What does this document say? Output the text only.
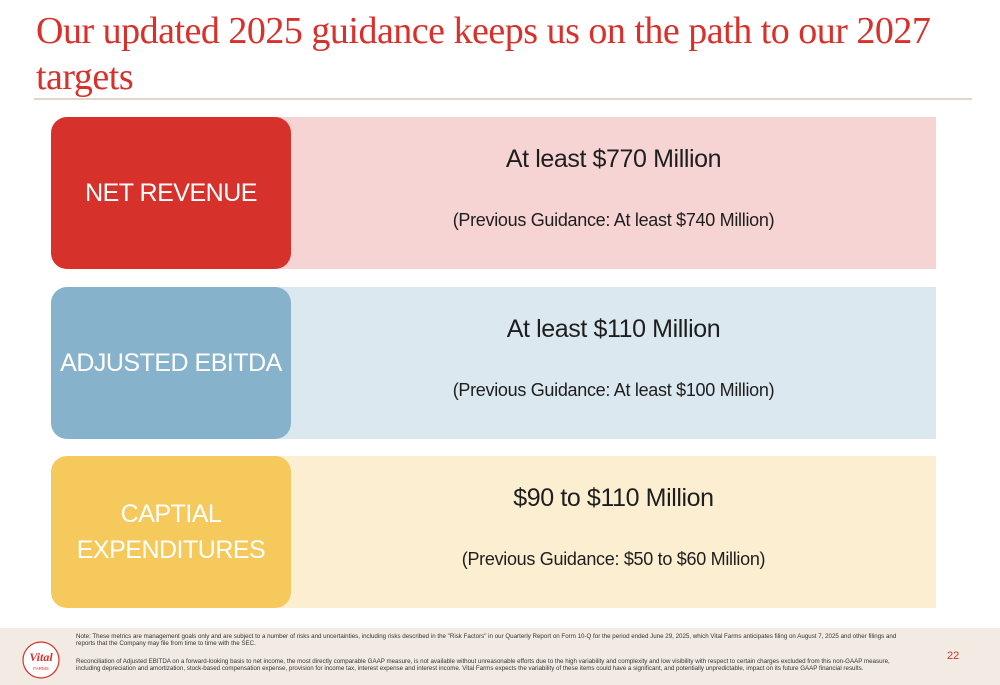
Our updated 2025 guidance keeps us on the path to our 2027 targets
NET REVENUE
At least $770 Million
(Previous Guidance: At least $740 Million)
ADJUSTED EBITDA
At least $110 Million
(Previous Guidance: At least $100 Million)
CAPTIAL
EXPENDITURES
$90 to $110 Million
(Previous Guidance: $50 to $60 Million)
Vital
FARMS

Note: These metrics are management goals only and are subject to a number of risks and uncertainties, including risks described in the "Risk Factors" in our Quarterly Report on Form 10-Q for the period ended June 29, 2025, which Vital Farms anticipates filing on August 7, 2025 and other filings and reports that the Company may file from time to time with the SEC.

Reconciliation of Adjusted EBITDA on a forward-looking basis to net income, the most directly comparable GAAP measure, is not available without unreasonable efforts due to the high variability and complexity and low visibility with respect to certain charges excluded from this non-GAAP measure, including depreciation and amortization, stock-based compensation expense, provision for income tax, interest expense and interest income. Vital Farms expects the variability of these items could have a significant, and potentially unpredictable, impact on its future GAAP financial results.

22
